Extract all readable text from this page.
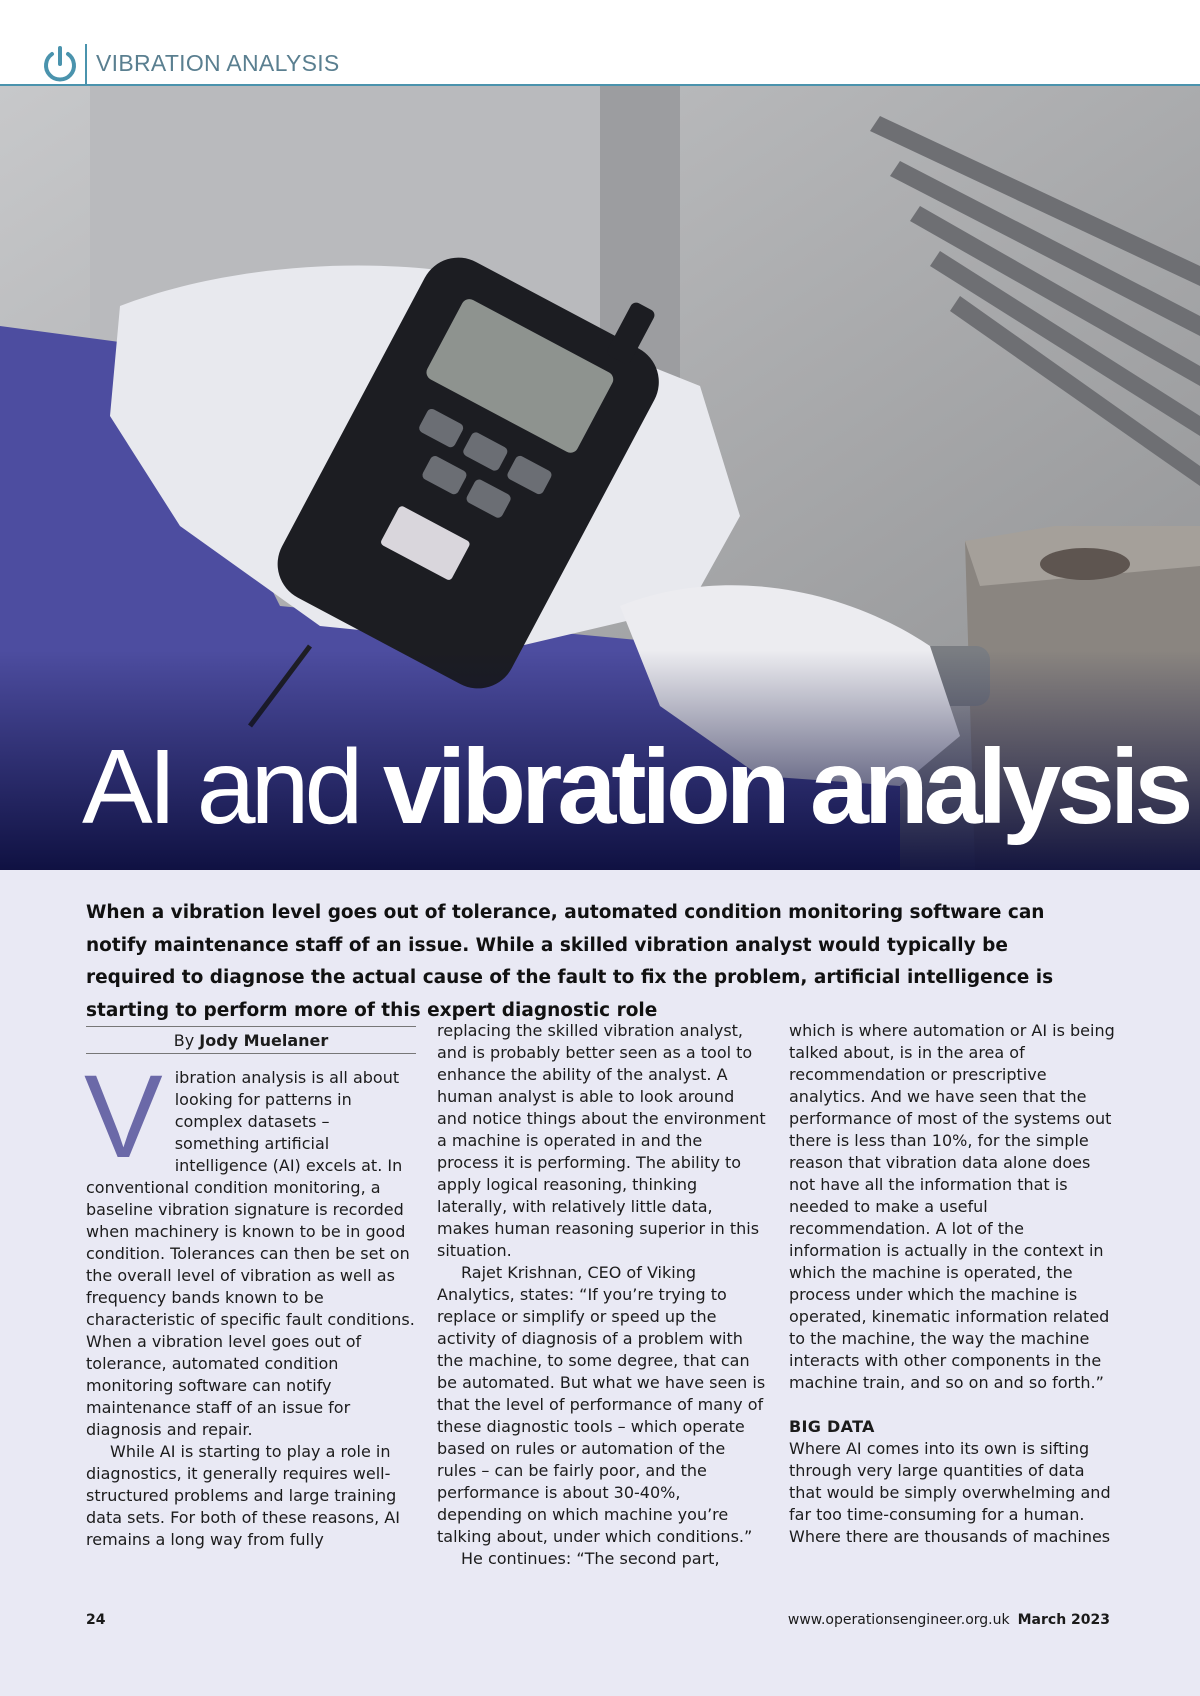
VIBRATION ANALYSIS
AI and vibration analysis
When a vibration level goes out of tolerance, automated condition monitoring software can notify maintenance staff of an issue. While a skilled vibration analyst would typically be required to diagnose the actual cause of the fault to fix the problem, artificial intelligence is starting to perform more of this expert diagnostic role
By Jody Muelaner
V ibration analysis is all about looking for patterns in complex datasets – something artificial intelligence (AI) excels at. In conventional condition monitoring, a baseline vibration signature is recorded when machinery is known to be in good condition. Tolerances can then be set on the overall level of vibration as well as frequency bands known to be characteristic of specific fault conditions. When a vibration level goes out of tolerance, automated condition monitoring software can notify maintenance staff of an issue for diagnosis and repair.

While AI is starting to play a role in diagnostics, it generally requires well-structured problems and large training data sets. For both of these reasons, AI remains a long way from fully

replacing the skilled vibration analyst, and is probably better seen as a tool to enhance the ability of the analyst. A human analyst is able to look around and notice things about the environment a machine is operated in and the process it is performing. The ability to apply logical reasoning, thinking laterally, with relatively little data, makes human reasoning superior in this situation.

Rajet Krishnan, CEO of Viking Analytics, states: “If you’re trying to replace or simplify or speed up the activity of diagnosis of a problem with the machine, to some degree, that can be automated. But what we have seen is that the level of performance of many of these diagnostic tools – which operate based on rules or automation of the rules – can be fairly poor, and the performance is about 30-40%, depending on which machine you’re talking about, under which conditions.”

He continues: “The second part,

which is where automation or AI is being talked about, is in the area of recommendation or prescriptive analytics. And we have seen that the performance of most of the systems out there is less than 10%, for the simple reason that vibration data alone does not have all the information that is needed to make a useful recommendation. A lot of the information is actually in the context in which the machine is operated, the process under which the machine is operated, kinematic information related to the machine, the way the machine interacts with other components in the machine train, and so on and so forth.”

BIG DATA

Where AI comes into its own is sifting through very large quantities of data that would be simply overwhelming and far too time-consuming for a human. Where there are thousands of machines

24	www.operationsengineer.org.uk March 2023
